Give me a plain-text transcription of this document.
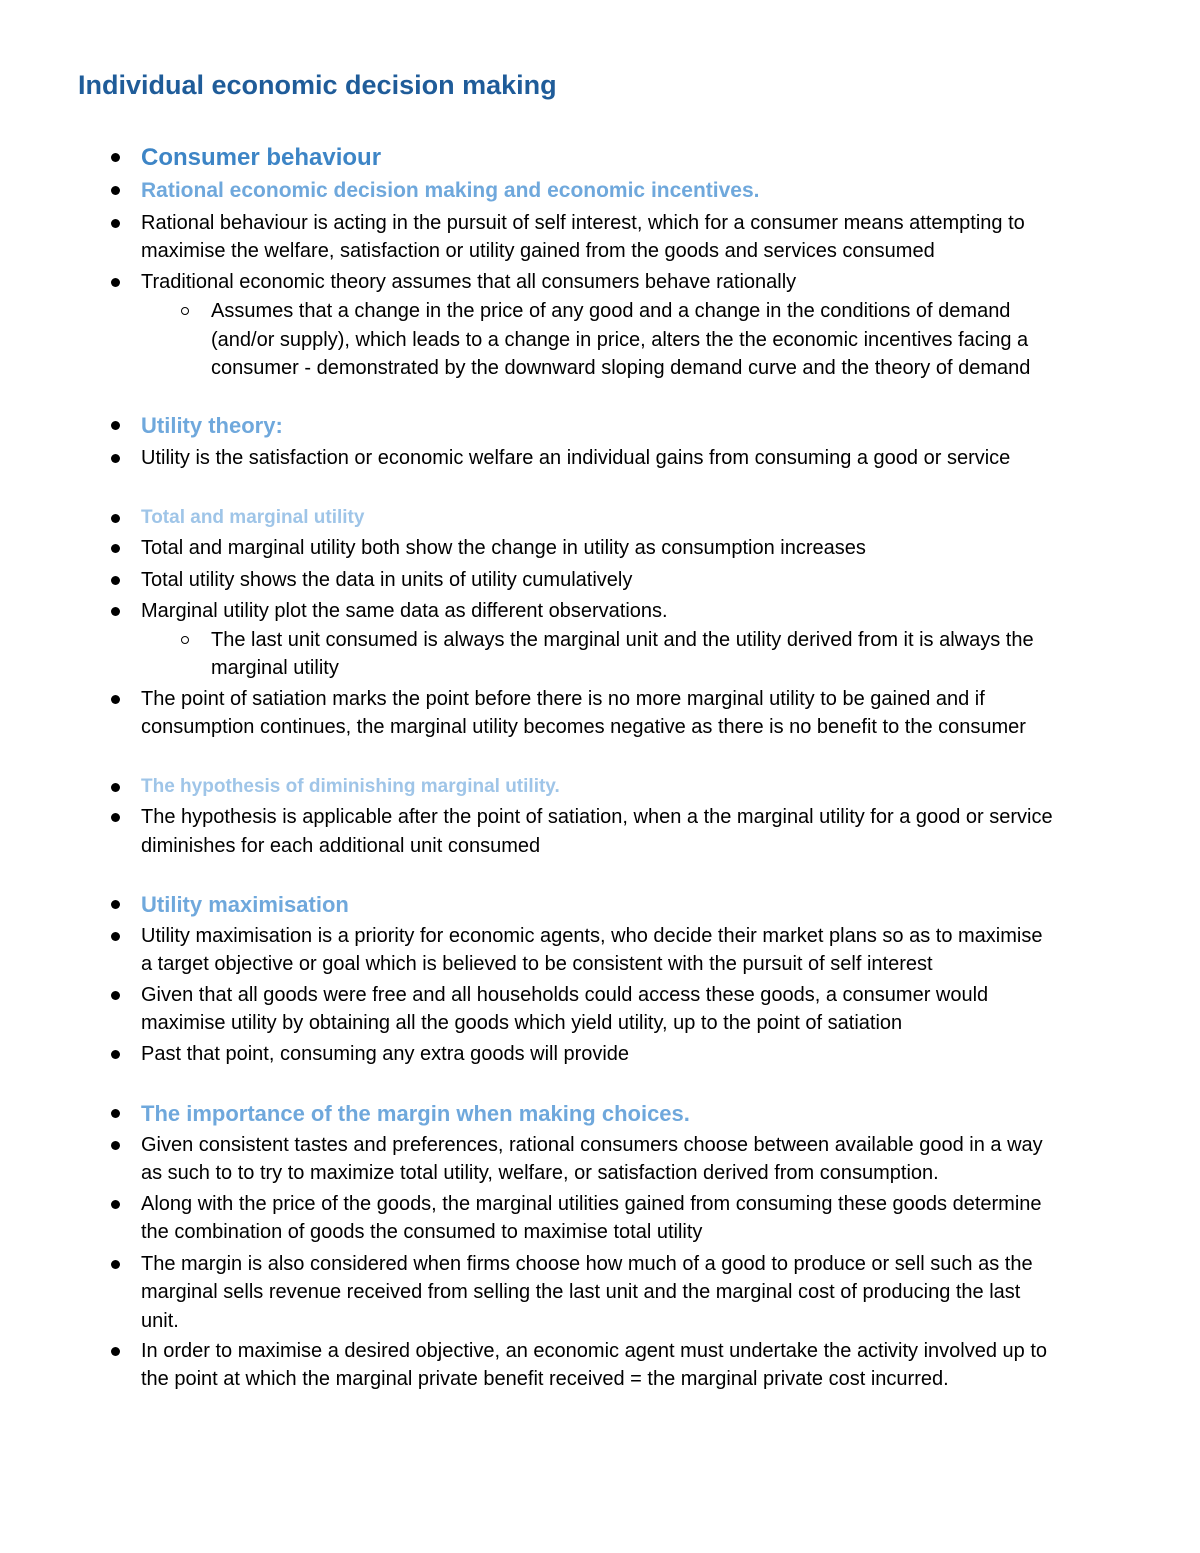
Individual economic decision making
Consumer behaviour
Rational economic decision making and economic incentives.
Rational behaviour is acting in the pursuit of self interest, which for a consumer means attempting to
maximise the welfare, satisfaction or utility gained from the goods and services consumed
Traditional economic theory assumes that all consumers behave rationally
Assumes that a change in the price of any good and a change in the conditions of demand
(and/or supply), which leads to a change in price, alters the the economic incentives facing a
consumer - demonstrated by the downward sloping demand curve and the theory of demand
Utility theory:
Utility is the satisfaction or economic welfare an individual gains from consuming a good or service
Total and marginal utility
Total and marginal utility both show the change in utility as consumption increases
Total utility shows the data in units of utility cumulatively
Marginal utility plot the same data as different observations.
The last unit consumed is always the marginal unit and the utility derived from it is always the
marginal utility
The point of satiation marks the point before there is no more marginal utility to be gained and if
consumption continues, the marginal utility becomes negative as there is no benefit to the consumer
The hypothesis of diminishing marginal utility.
The hypothesis is applicable after the point of satiation, when a the marginal utility for a good or service
diminishes for each additional unit consumed
Utility maximisation
Utility maximisation is a priority for economic agents, who decide their market plans so as to maximise
a target objective or goal which is believed to be consistent with the pursuit of self interest
Given that all goods were free and all households could access these goods, a consumer would
maximise utility by obtaining all the goods which yield utility, up to the point of satiation
Past that point, consuming any extra goods will provide
The importance of the margin when making choices.
Given consistent tastes and preferences, rational consumers choose between available good in a way
as such to to try to maximize total utility, welfare, or satisfaction derived from consumption.
Along with the price of the goods, the marginal utilities gained from consuming these goods determine
the combination of goods the consumed to maximise total utility
The margin is also considered when firms choose how much of a good to produce or sell such as the
marginal sells revenue received from selling the last unit and the marginal cost of producing the last
unit.
In order to maximise a desired objective, an economic agent must undertake the activity involved up to
the point at which the marginal private benefit received = the marginal private cost incurred.
